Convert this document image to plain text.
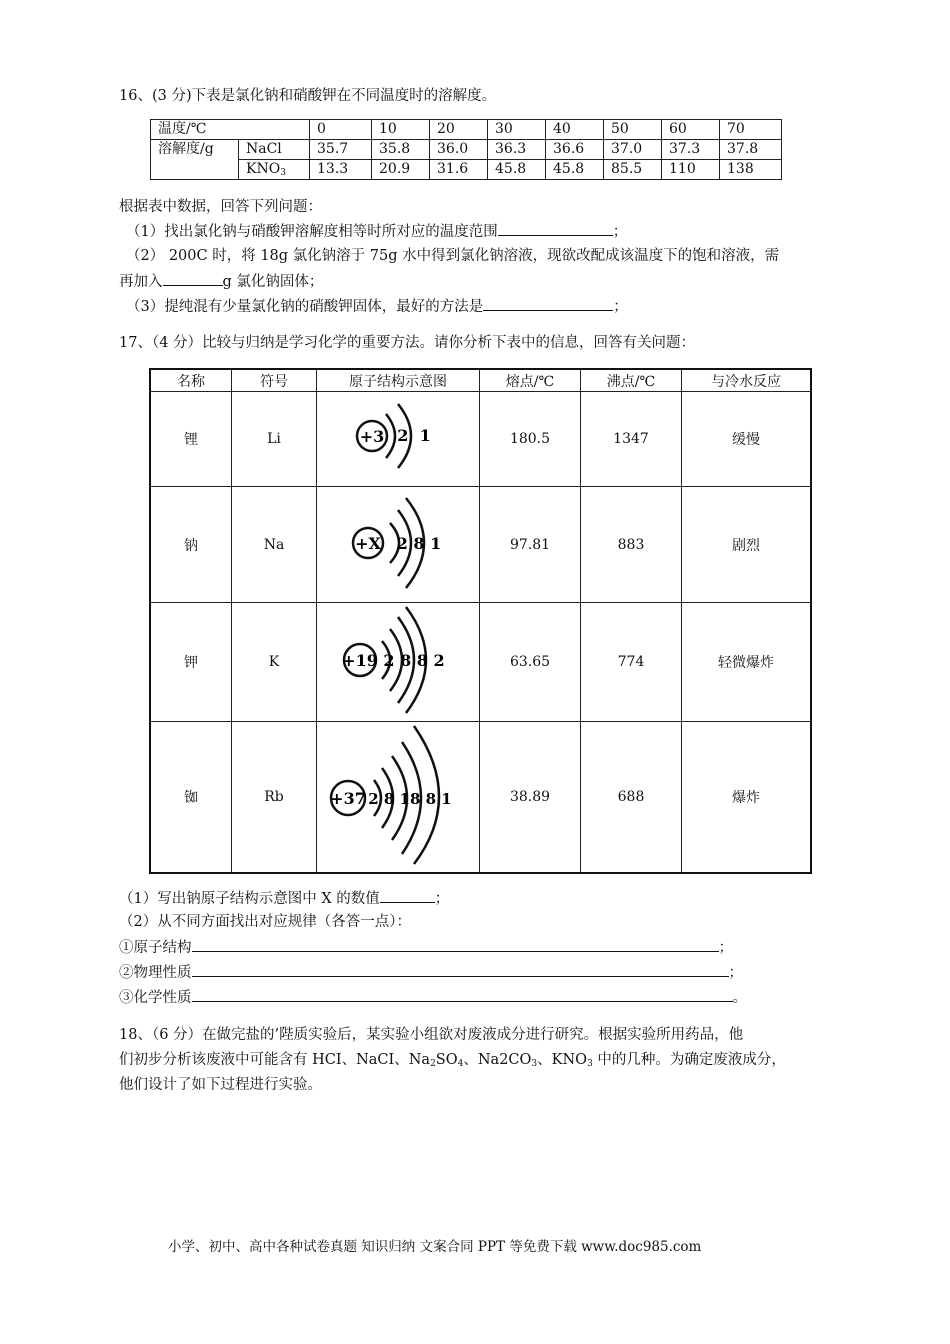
16、(3 分)下表是氯化钠和硝酸钾在不同温度时的溶解度。
温度/℃		0	10	20	30	40	50	60	70
溶解度/g	NaCl	35.7	35.8	36.0	36.3	36.6	37.0	37.3	37.8
	$KNO_3$	13.3	20.9	31.6	45.8	45.8	85.5	110	138
根据表中数据，回答下列问题：
（1）找出氯化钠与硝酸钾溶解度相等时所对应的温度范围	；
（2） 200C 时，将 18g 氯化钠溶于 75g 水中得到氯化钠溶液，现欲改配成该温度下的饱和溶液，需
再加入	g 氯化钠固体；
（3）提纯混有少量氯化钠的硝酸钾固体，最好的方法是	；
17、（4 分）比较与归纳是学习化学的重要方法。请你分析下表中的信息，回答有关问题：
名称	符号	原子结构示意图	熔点/℃	沸点/℃	与冷水反应
锂	Li	+3 2  1	180.5	1347	缓慢
钠	Na	+X 2 8 1	97.81	883	剧烈
钾	K	+19 2 8 8 2	63.65	774	轻微爆炸
铷	Rb	+37 2 8 18 8 1	38.89	688	爆炸
（1）写出钠原子结构示意图中 X 的数值	；
（2）从不同方面找出对应规律（各答一点）：
①原子结构	；
②物理性质	；
③化学性质	。
18、（6 分）在做完盐的’陛质实验后，某实验小组欲对废液成分进行研究。根据实验所用药品，他
们初步分析该废液中可能含有 HCI、NaCI、$Na_2SO_4$、$Na2CO_3$、$KNO_3$ 中的几种。为确定废液成分，
他们设计了如下过程进行实验。
小学、初中、高中各种试卷真题 知识归纳 文案合同 PPT 等免费下载 www.doc985.com
